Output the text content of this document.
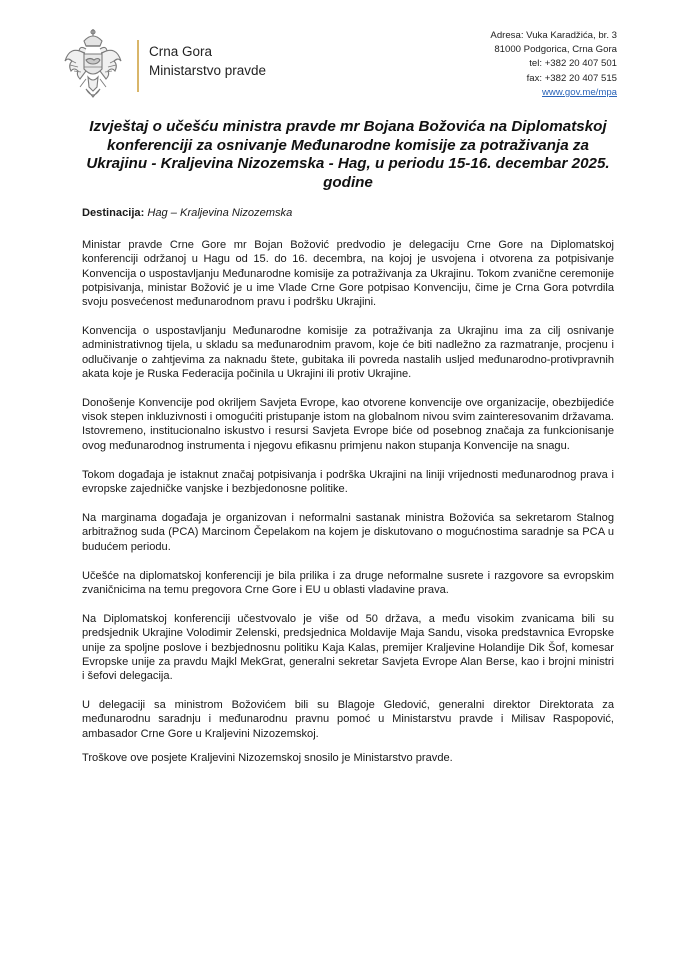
Crna Gora
Ministarstvo pravde
Adresa: Vuka Karadžića, br. 3
81000 Podgorica, Crna Gora
tel: +382 20 407 501
fax: +382 20 407 515
www.gov.me/mpa
Izvještaj o učešću ministra pravde mr Bojana Božovića na Diplomatskoj konferenciji za osnivanje Međunarodne komisije za potraživanja za Ukrajinu - Kraljevina Nizozemska - Hag, u periodu 15-16. decembar 2025. godine

Destinacija: Hag – Kraljevina Nizozemska

Ministar pravde Crne Gore mr Bojan Božović predvodio je delegaciju Crne Gore na Diplomatskoj konferenciji održanoj u Hagu od 15. do 16. decembra, na kojoj je usvojena i otvorena za potpisivanje Konvencija o uspostavljanju Međunarodne komisije za potraživanja za Ukrajinu. Tokom zvanične ceremonije potpisivanja, ministar Božović je u ime Vlade Crne Gore potpisao Konvenciju, čime je Crna Gora potvrdila svoju posvećenost međunarodnom pravu i podršku Ukrajini.

Konvencija o uspostavljanju Međunarodne komisije za potraživanja za Ukrajinu ima za cilj osnivanje administrativnog tijela, u skladu sa međunarodnim pravom, koje će biti nadležno za razmatranje, procjenu i odlučivanje o zahtjevima za naknadu štete, gubitaka ili povreda nastalih usljed međunarodno-protivpravnih akata koje je Ruska Federacija počinila u Ukrajini ili protiv Ukrajine.

Donošenje Konvencije pod okriljem Savjeta Evrope, kao otvorene konvencije ove organizacije, obezbijediće visok stepen inkluzivnosti i omogućiti pristupanje istom na globalnom nivou svim zainteresovanim državama. Istovremeno, institucionalno iskustvo i resursi Savjeta Evrope biće od posebnog značaja za funkcionisanje ovog međunarodnog instrumenta i njegovu efikasnu primjenu nakon stupanja Konvencije na snagu.

Tokom događaja je istaknut značaj potpisivanja i podrška Ukrajini na liniji vrijednosti međunarodnog prava i evropske zajedničke vanjske i bezbjedonosne politike.

Na marginama događaja je organizovan i neformalni sastanak ministra Božovića sa sekretarom Stalnog arbitražnog suda (PCA) Marcinom Čepelakom na kojem je diskutovano o mogućnostima saradnje sa PCA u budućem periodu.

Učešće na diplomatskoj konferenciji je bila prilika i za druge neformalne susrete i razgovore sa evropskim zvaničnicima na temu pregovora Crne Gore i EU u oblasti vladavine prava.

Na Diplomatskoj konferenciji učestvovalo je više od 50 država, a među visokim zvanicama bili su predsjednik Ukrajine Volodimir Zelenski, predsjednica Moldavije Maja Sandu, visoka predstavnica Evropske unije za spoljne poslove i bezbjednosnu politiku Kaja Kalas, premijer Kraljevine Holandije Dik Šof, komesar Evropske unije za pravdu Majkl MekGrat, generalni sekretar Savjeta Evrope Alan Berse, kao i brojni ministri i šefovi delegacija.

U delegaciji sa ministrom Božovićem bili su Blagoje Gledović, generalni direktor Direktorata za međunarodnu saradnju i međunarodnu pravnu pomoć u Ministarstvu pravde i Milisav Raspopović, ambasador Crne Gore u Kraljevini Nizozemskoj.

Troškove ove posjete Kraljevini Nizozemskoj snosilo je Ministarstvo pravde.
